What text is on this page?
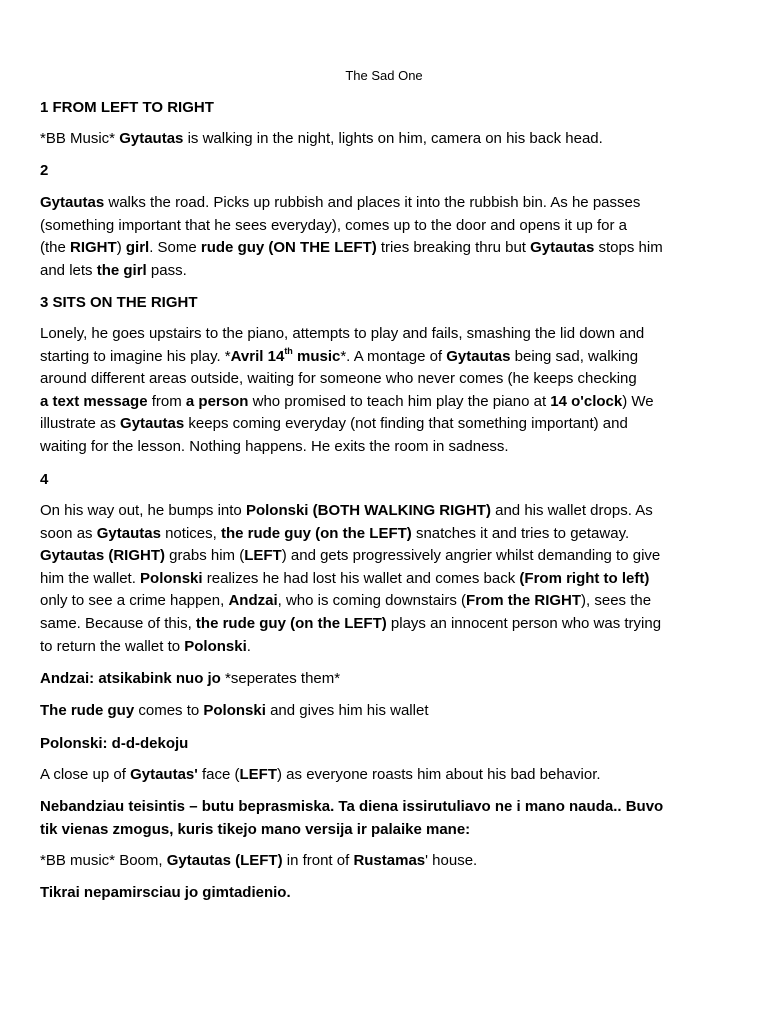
The Sad One
1 FROM LEFT TO RIGHT
*BB Music* Gytautas is walking in the night, lights on him, camera on his back head.
2
Gytautas walks the road. Picks up rubbish and places it into the rubbish bin. As he passes
(something important that he sees everyday), comes up to the door and opens it up for a
(the RIGHT) girl. Some rude guy (ON THE LEFT) tries breaking thru but Gytautas stops him
and lets the girl pass.
3 SITS ON THE RIGHT
Lonely, he goes upstairs to the piano, attempts to play and fails, smashing the lid down and
starting to imagine his play. *Avril 14th music*. A montage of Gytautas being sad, walking
around different areas outside, waiting for someone who never comes (he keeps checking
a text message from a person who promised to teach him play the piano at 14 o'clock) We
illustrate as Gytautas keeps coming everyday (not finding that something important) and
waiting for the lesson. Nothing happens. He exits the room in sadness.
4
On his way out, he bumps into Polonski (BOTH WALKING RIGHT) and his wallet drops. As
soon as Gytautas notices, the rude guy (on the LEFT) snatches it and tries to getaway.
Gytautas (RIGHT) grabs him (LEFT) and gets progressively angrier whilst demanding to give
him the wallet. Polonski realizes he had lost his wallet and comes back (From right to left)
only to see a crime happen, Andzai, who is coming downstairs (From the RIGHT), sees the
same. Because of this, the rude guy (on the LEFT) plays an innocent person who was trying
to return the wallet to Polonski.
Andzai: atsikabink nuo jo *seperates them*
The rude guy comes to Polonski and gives him his wallet
Polonski: d-d-dekoju
A close up of Gytautas' face (LEFT) as everyone roasts him about his bad behavior.
Nebandziau teisintis – butu beprasmiska. Ta diena issirutuliavo ne i mano nauda.. Buvo
tik vienas zmogus, kuris tikejo mano versija ir palaike mane:
*BB music* Boom, Gytautas (LEFT) in front of Rustamas' house.
Tikrai nepamirsciau jo gimtadienio.
